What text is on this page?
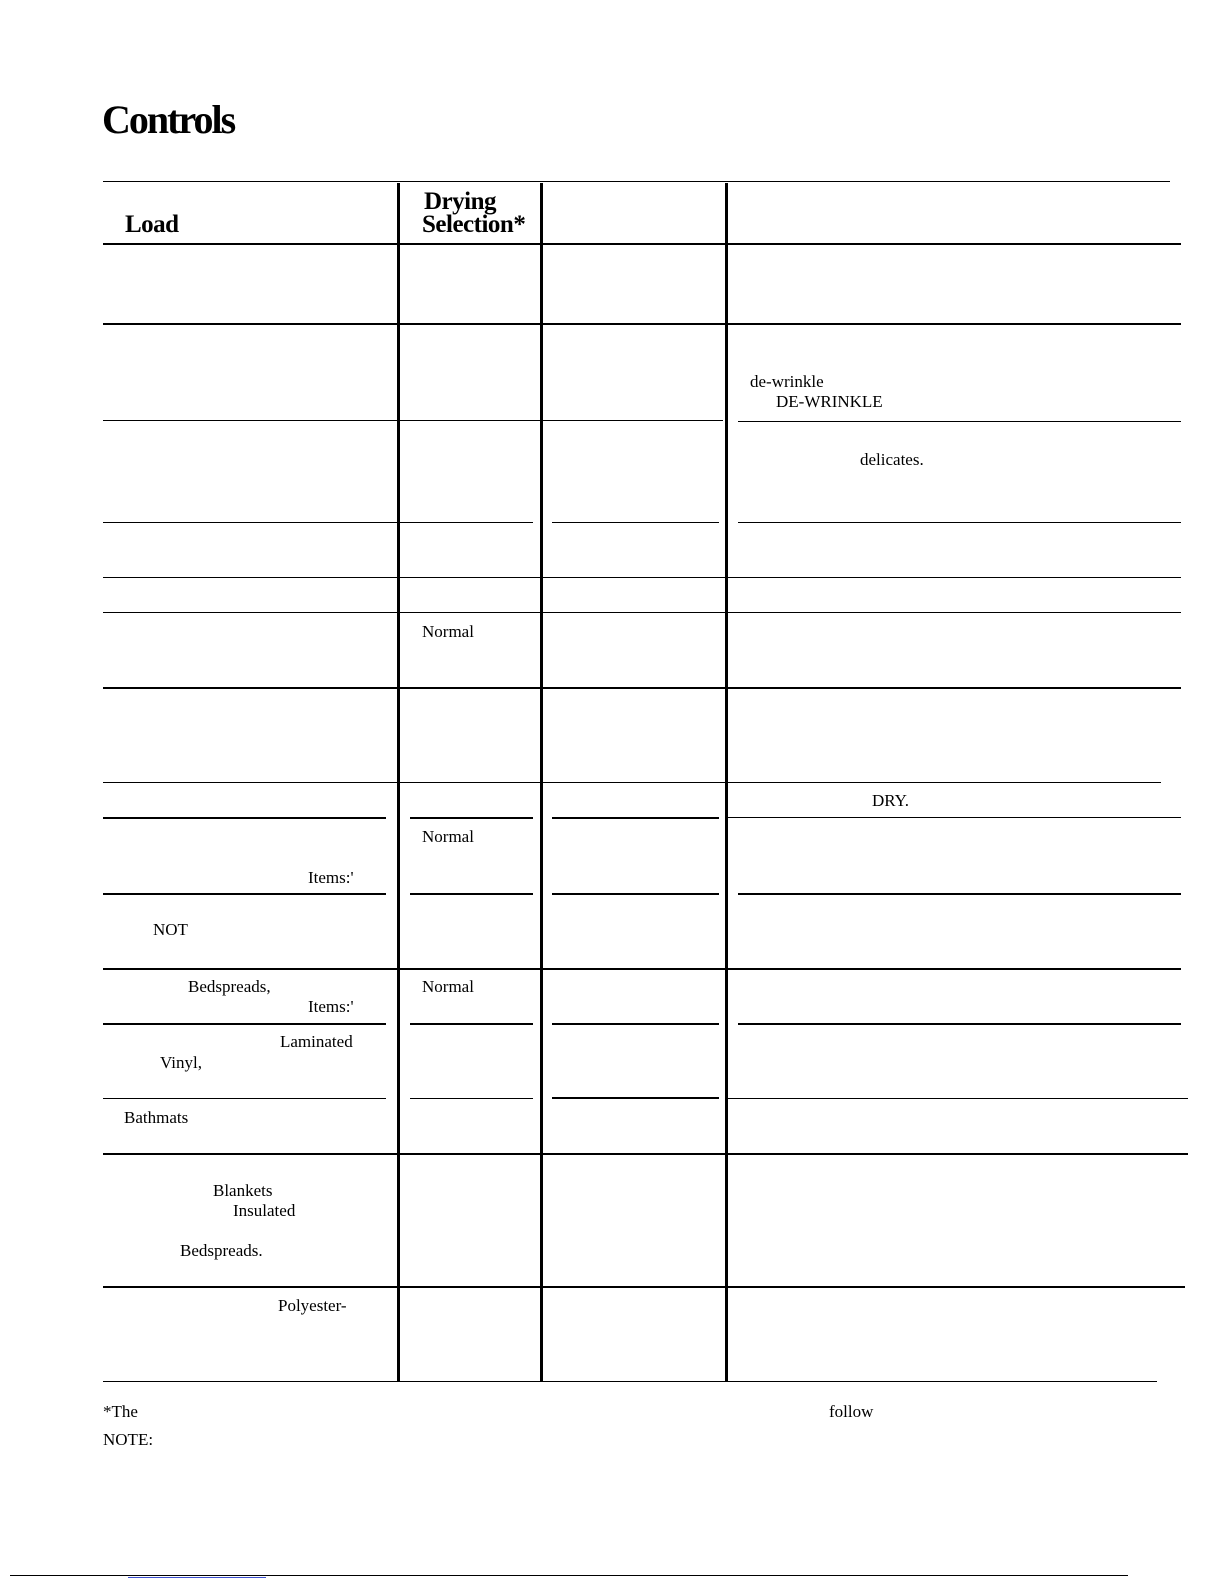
Controls
Load
Drying
Selection*
de-wrinkle
DE-WRINKLE
delicates.
Normal
DRY.
Normal
Items:'
NOT
Bedspreads,	Normal
Items:'
Laminated
Vinyl,
Bathmats
Blankets
Insulated
Bedspreads.
Polyester-
*The	follow
NOTE:
